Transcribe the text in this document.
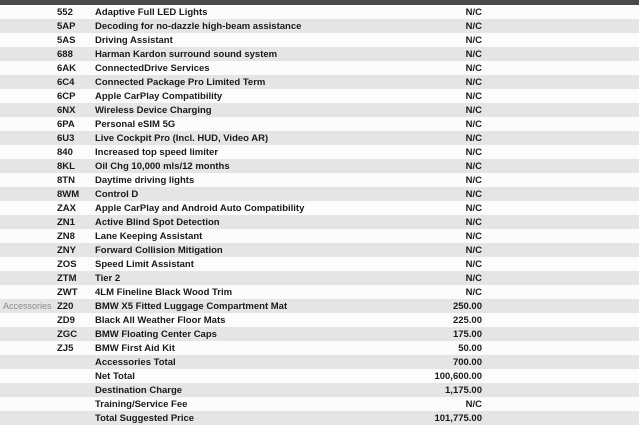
552	Adaptive Full LED Lights	N/C
5AP	Decoding for no-dazzle high-beam assistance	N/C
5AS	Driving Assistant	N/C
688	Harman Kardon surround sound system	N/C
6AK	ConnectedDrive Services	N/C
6C4	Connected Package Pro Limited Term	N/C
6CP	Apple CarPlay Compatibility	N/C
6NX	Wireless Device Charging	N/C
6PA	Personal eSIM 5G	N/C
6U3	Live Cockpit Pro (Incl. HUD, Video AR)	N/C
840	Increased top speed limiter	N/C
8KL	Oil Chg 10,000 mls/12 months	N/C
8TN	Daytime driving lights	N/C
8WM	Control D	N/C
ZAX	Apple CarPlay and Android Auto Compatibility	N/C
ZN1	Active Blind Spot Detection	N/C
ZN8	Lane Keeping Assistant	N/C
ZNY	Forward Collision Mitigation	N/C
ZOS	Speed Limit Assistant	N/C
ZTM	Tier 2	N/C
ZWT	4LM Fineline Black Wood Trim	N/C
Accessories Z20	BMW X5 Fitted Luggage Compartment Mat	250.00
ZD9	Black All Weather Floor Mats	225.00
ZGC	BMW Floating Center Caps	175.00
ZJ5	BMW First Aid Kit	50.00
Accessories Total	700.00
Net Total	100,600.00
Destination Charge	1,175.00
Training/Service Fee	N/C
Total Suggested Price	101,775.00
